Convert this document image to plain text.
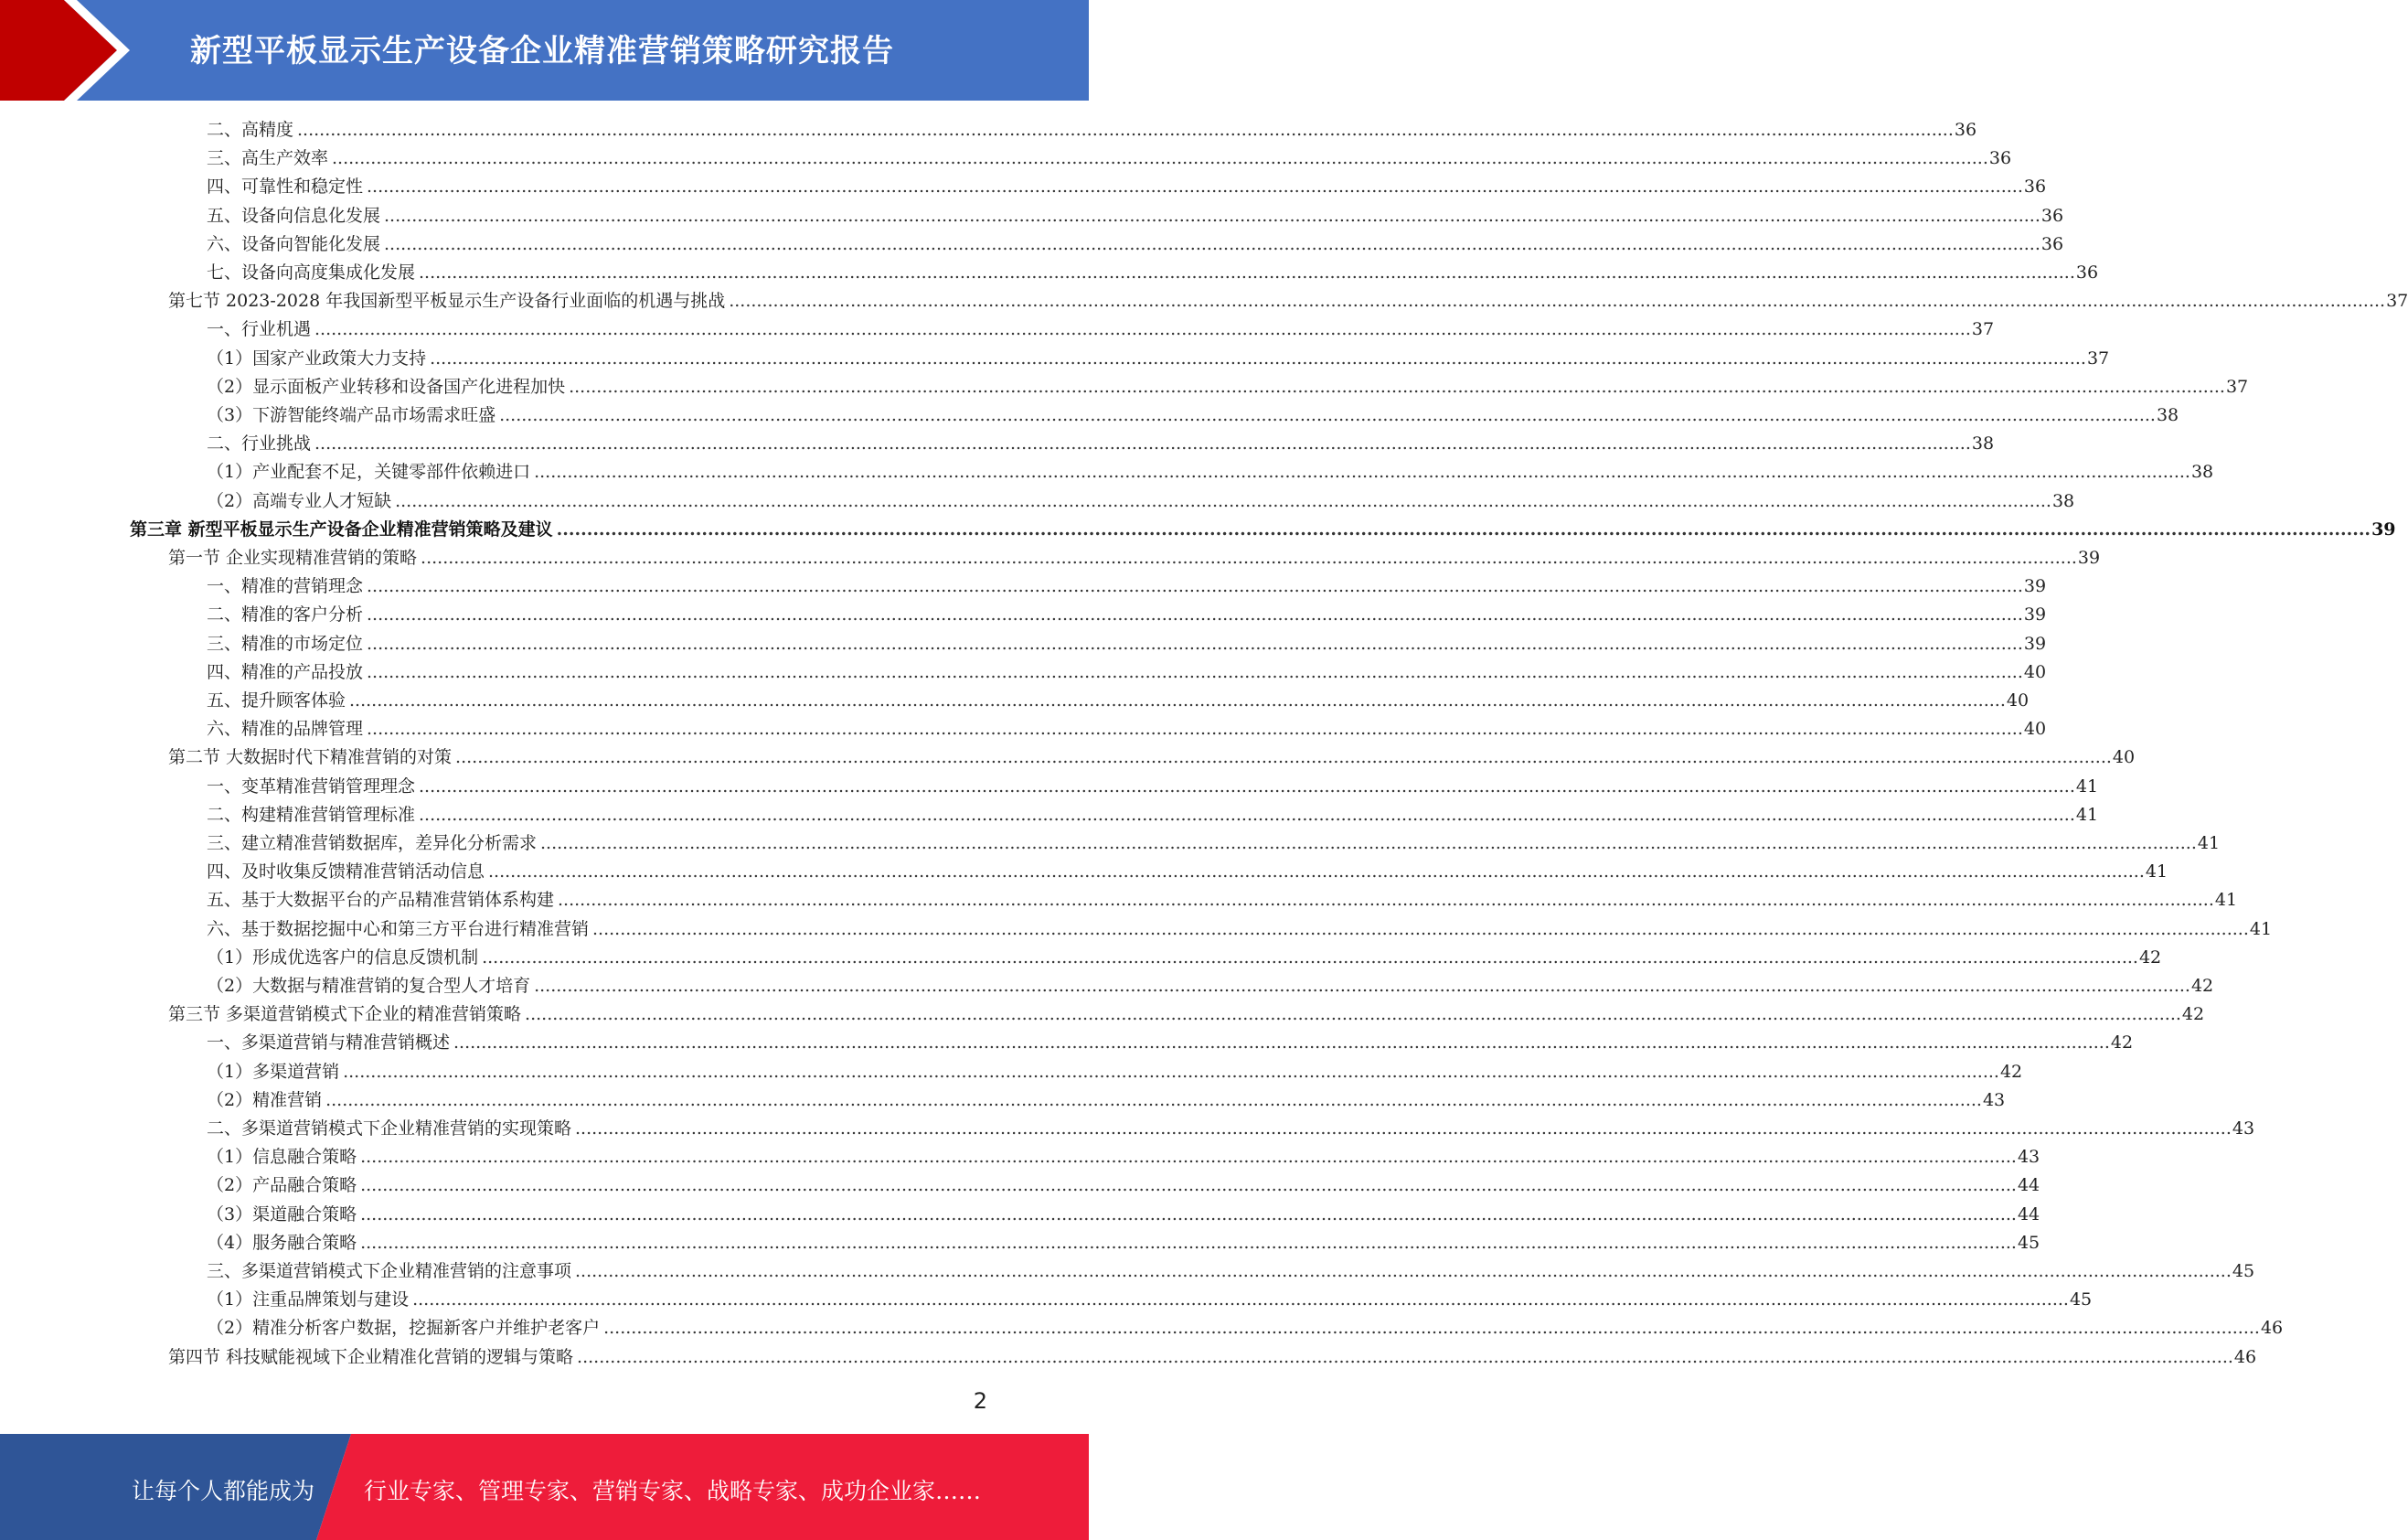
新型平板显示生产设备企业精准营销策略研究报告
二、高精度 ............................................................................................................................................................................................................................................................................................................ 36
三、高生产效率 ............................................................................................................................................................................................................................................................................................................ 36
四、可靠性和稳定性 ............................................................................................................................................................................................................................................................................................................ 36
五、设备向信息化发展 ............................................................................................................................................................................................................................................................................................................ 36
六、设备向智能化发展 ............................................................................................................................................................................................................................................................................................................ 36
七、设备向高度集成化发展 ............................................................................................................................................................................................................................................................................................................ 36
第七节 2023-2028 年我国新型平板显示生产设备行业面临的机遇与挑战 ............................................................................................................................................................................................................................................................................................................ 37
一、行业机遇 ............................................................................................................................................................................................................................................................................................................ 37
（1）国家产业政策大力支持 ............................................................................................................................................................................................................................................................................................................ 37
（2）显示面板产业转移和设备国产化进程加快 ............................................................................................................................................................................................................................................................................................................ 37
（3）下游智能终端产品市场需求旺盛 ............................................................................................................................................................................................................................................................................................................ 38
二、行业挑战 ............................................................................................................................................................................................................................................................................................................ 38
（1）产业配套不足，关键零部件依赖进口 ............................................................................................................................................................................................................................................................................................................ 38
（2）高端专业人才短缺 ............................................................................................................................................................................................................................................................................................................ 38
第三章 新型平板显示生产设备企业精准营销策略及建议 ............................................................................................................................................................................................................................................................................................................ 39
第一节 企业实现精准营销的策略 ............................................................................................................................................................................................................................................................................................................ 39
一、精准的营销理念 ............................................................................................................................................................................................................................................................................................................ 39
二、精准的客户分析 ............................................................................................................................................................................................................................................................................................................ 39
三、精准的市场定位 ............................................................................................................................................................................................................................................................................................................ 39
四、精准的产品投放 ............................................................................................................................................................................................................................................................................................................ 40
五、提升顾客体验 ............................................................................................................................................................................................................................................................................................................ 40
六、精准的品牌管理 ............................................................................................................................................................................................................................................................................................................ 40
第二节 大数据时代下精准营销的对策 ............................................................................................................................................................................................................................................................................................................ 40
一、变革精准营销管理理念 ............................................................................................................................................................................................................................................................................................................ 41
二、构建精准营销管理标准 ............................................................................................................................................................................................................................................................................................................ 41
三、建立精准营销数据库，差异化分析需求 ............................................................................................................................................................................................................................................................................................................ 41
四、及时收集反馈精准营销活动信息 ............................................................................................................................................................................................................................................................................................................ 41
五、基于大数据平台的产品精准营销体系构建 ............................................................................................................................................................................................................................................................................................................ 41
六、基于数据挖掘中心和第三方平台进行精准营销 ............................................................................................................................................................................................................................................................................................................ 41
（1）形成优选客户的信息反馈机制 ............................................................................................................................................................................................................................................................................................................ 42
（2）大数据与精准营销的复合型人才培育 ............................................................................................................................................................................................................................................................................................................ 42
第三节 多渠道营销模式下企业的精准营销策略 ............................................................................................................................................................................................................................................................................................................ 42
一、多渠道营销与精准营销概述 ............................................................................................................................................................................................................................................................................................................ 42
（1）多渠道营销 ............................................................................................................................................................................................................................................................................................................ 42
（2）精准营销 ............................................................................................................................................................................................................................................................................................................ 43
二、多渠道营销模式下企业精准营销的实现策略 ............................................................................................................................................................................................................................................................................................................ 43
（1）信息融合策略 ............................................................................................................................................................................................................................................................................................................ 43
（2）产品融合策略 ............................................................................................................................................................................................................................................................................................................ 44
（3）渠道融合策略 ............................................................................................................................................................................................................................................................................................................ 44
（4）服务融合策略 ............................................................................................................................................................................................................................................................................................................ 45
三、多渠道营销模式下企业精准营销的注意事项 ............................................................................................................................................................................................................................................................................................................ 45
（1）注重品牌策划与建设 ............................................................................................................................................................................................................................................................................................................ 45
（2）精准分析客户数据，挖掘新客户并维护老客户 ............................................................................................................................................................................................................................................................................................................ 46
第四节 科技赋能视域下企业精准化营销的逻辑与策略 ............................................................................................................................................................................................................................................................................................................ 46
2
让每个人都能成为 行业专家、管理专家、营销专家、战略专家、成功企业家……
